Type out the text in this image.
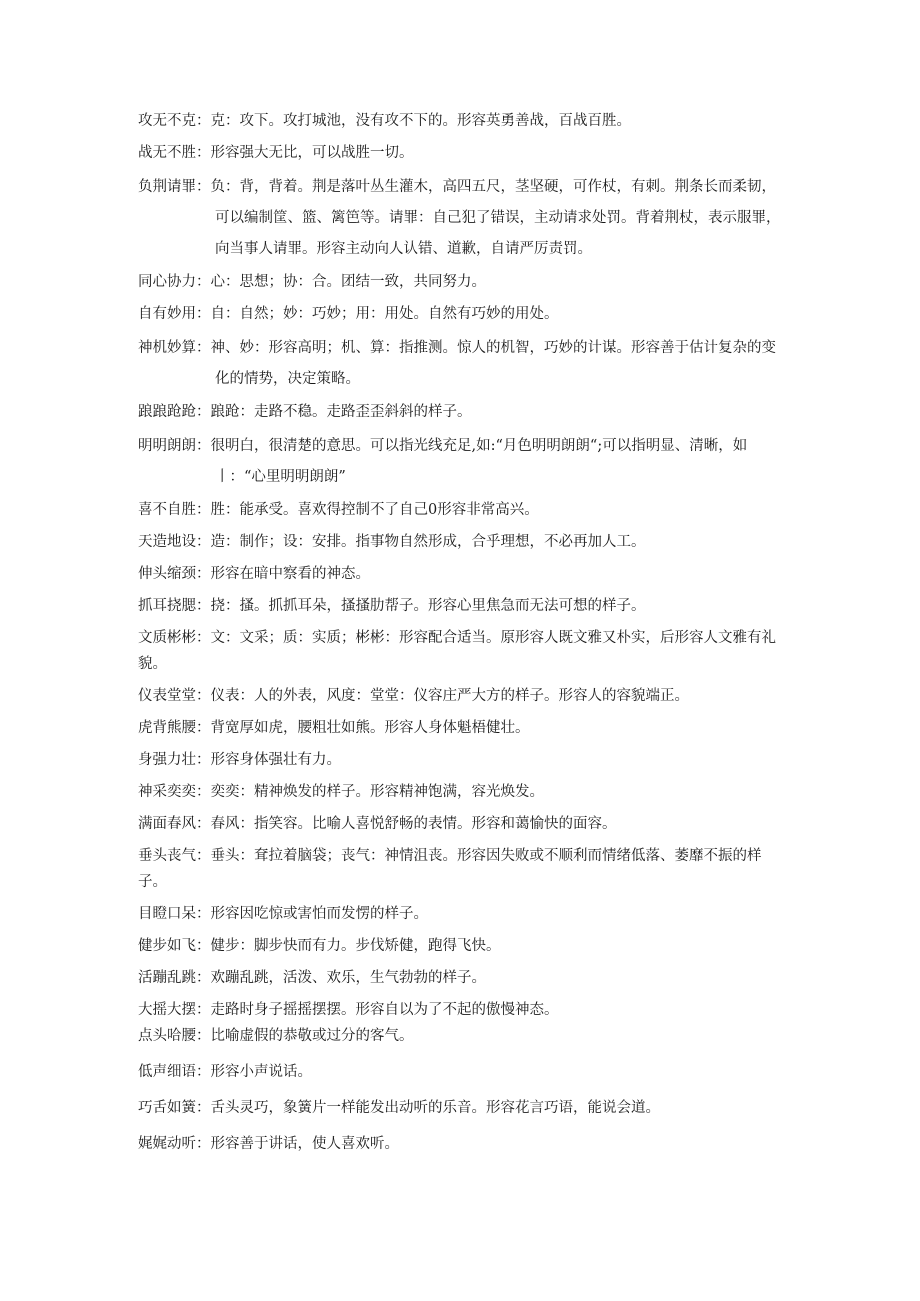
攻无不克：克：攻下。攻打城池，没有攻不下的。形容英勇善战，百战百胜。

战无不胜：形容强大无比，可以战胜一切。

负荆请罪：负：背，背着。荆是落叶丛生灌木，高四五尺，茎坚硬，可作杖，有刺。荆条长而柔韧，可以编制筐、篮、篱笆等。请罪：自己犯了错误，主动请求处罚。背着荆杖，表示服罪，向当事人请罪。形容主动向人认错、道歉，自请严厉责罚。

同心协力：心：思想；协：合。团结一致，共同努力。

自有妙用：自：自然；妙：巧妙；用：用处。自然有巧妙的用处。

神机妙算：神、妙：形容高明；机、算：指推测。惊人的机智，巧妙的计谋。形容善于估计复杂的变化的情势，决定策略。

踉踉跄跄：踉跄：走路不稳。走路歪歪斜斜的样子。

明明朗朗：很明白，很清楚的意思。可以指光线充足,如:“月色明明朗朗“;可以指明显、清晰，如丨：“心里明明朗朗”

喜不自胜：胜：能承受。喜欢得控制不了自己0形容非常高兴。

天造地设：造：制作；设：安排。指事物自然形成，合乎理想，不必再加人工。

伸头缩颈：形容在暗中察看的神态。

抓耳挠腮：挠：搔。抓抓耳朵，搔搔肋帮子。形容心里焦急而无法可想的样子。

文质彬彬：文：文采；质：实质；彬彬：形容配合适当。原形容人既文雅又朴实，后形容人文雅有礼貌。

仪表堂堂：仪表：人的外表，风度：堂堂：仪容庄严大方的样子。形容人的容貌端正。

虎背熊腰：背宽厚如虎，腰粗壮如熊。形容人身体魁梧健壮。

身强力壮：形容身体强壮有力。

神采奕奕：奕奕：精神焕发的样子。形容精神饱满，容光焕发。

满面春风：春风：指笑容。比喻人喜悦舒畅的表情。形容和蔼愉快的面容。

垂头丧气：垂头：耷拉着脑袋；丧气：神情沮丧。形容因失败或不顺利而情绪低落、萎靡不振的样子。

目瞪口呆：形容因吃惊或害怕而发愣的样子。

健步如飞：健步：脚步快而有力。步伐矫健，跑得飞快。

活蹦乱跳：欢蹦乱跳，活泼、欢乐，生气勃勃的样子。

大摇大摆：走路时身子摇摇摆摆。形容自以为了不起的傲慢神态。

点头哈腰：比喻虚假的恭敬或过分的客气。

低声细语：形容小声说话。

巧舌如簧：舌头灵巧，象簧片一样能发出动听的乐音。形容花言巧语，能说会道。

娓娓动听：形容善于讲话，使人喜欢听。
